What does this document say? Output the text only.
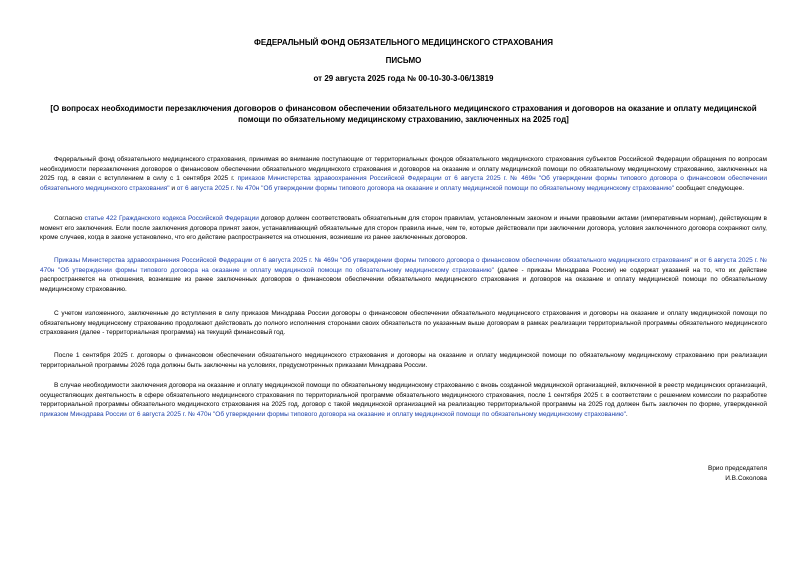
ФЕДЕРАЛЬНЫЙ ФОНД ОБЯЗАТЕЛЬНОГО МЕДИЦИНСКОГО СТРАХОВАНИЯ
ПИСЬМО
от 29 августа 2025 года № 00-10-30-3-06/13819
[О вопросах необходимости перезаключения договоров о финансовом обеспечении обязательного медицинского страхования и договоров на оказание и оплату медицинской помощи по обязательному медицинскому страхованию, заключенных на 2025 год]

Федеральный фонд обязательного медицинского страхования, принимая во внимание поступающие от территориальных фондов обязательного медицинского страхования субъектов Российской Федерации обращения по вопросам необходимости перезаключения договоров о финансовом обеспечении обязательного медицинского страхования и договоров на оказание и оплату медицинской помощи по обязательному медицинскому страхованию, заключенных на 2025 год, в связи с вступлением в силу с 1 сентября 2025 г. приказов Министерства здравоохранения Российской Федерации от 6 августа 2025 г. № 469н "Об утверждении формы типового договора о финансовом обеспечении обязательного медицинского страхования" и от 6 августа 2025 г. № 470н "Об утверждении формы типового договора на оказание и оплату медицинской помощи по обязательному медицинскому страхованию" сообщает следующее.

Согласно статье 422 Гражданского кодекса Российской Федерации договор должен соответствовать обязательным для сторон правилам, установленным законом и иными правовыми актами (императивным нормам), действующим в момент его заключения. Если после заключения договора принят закон, устанавливающий обязательные для сторон правила иные, чем те, которые действовали при заключении договора, условия заключенного договора сохраняют силу, кроме случаев, когда в законе установлено, что его действие распространяется на отношения, возникшие из ранее заключенных договоров.

Приказы Министерства здравоохранения Российской Федерации от 6 августа 2025 г. № 469н "Об утверждении формы типового договора о финансовом обеспечении обязательного медицинского страхования" и от 6 августа 2025 г. № 470н "Об утверждении формы типового договора на оказание и оплату медицинской помощи по обязательному медицинскому страхованию" (далее - приказы Минздрава России) не содержат указаний на то, что их действие распространяется на отношения, возникшие из ранее заключенных договоров о финансовом обеспечении обязательного медицинского страхования и договоров на оказание и оплату медицинской помощи по обязательному медицинскому страхованию.

С учетом изложенного, заключенные до вступления в силу приказов Минздрава России договоры о финансовом обеспечении обязательного медицинского страхования и договоры на оказание и оплату медицинской помощи по обязательному медицинскому страхованию продолжают действовать до полного исполнения сторонами своих обязательств по указанным выше договорам в рамках реализации территориальной программы обязательного медицинского страхования (далее - территориальная программа) на текущий финансовый год.

После 1 сентября 2025 г. договоры о финансовом обеспечении обязательного медицинского страхования и договоры на оказание и оплату медицинской помощи по обязательному медицинскому страхованию при реализации территориальной программы 2026 года должны быть заключены на условиях, предусмотренных приказами Минздрава России.

В случае необходимости заключения договора на оказание и оплату медицинской помощи по обязательному медицинскому страхованию с вновь созданной медицинской организацией, включенной в реестр медицинских организаций, осуществляющих деятельность в сфере обязательного медицинского страхования по территориальной программе обязательного медицинского страхования, после 1 сентября 2025 г. в соответствии с решением комиссии по разработке территориальной программы обязательного медицинского страхования на 2025 год, договор с такой медицинской организацией на реализацию территориальной программы на 2025 год должен быть заключен по форме, утвержденной приказом Минздрава России от 6 августа 2025 г. № 470н "Об утверждении формы типового договора на оказание и оплату медицинской помощи по обязательному медицинскому страхованию".

Врио председателя
И.В.Соколова
